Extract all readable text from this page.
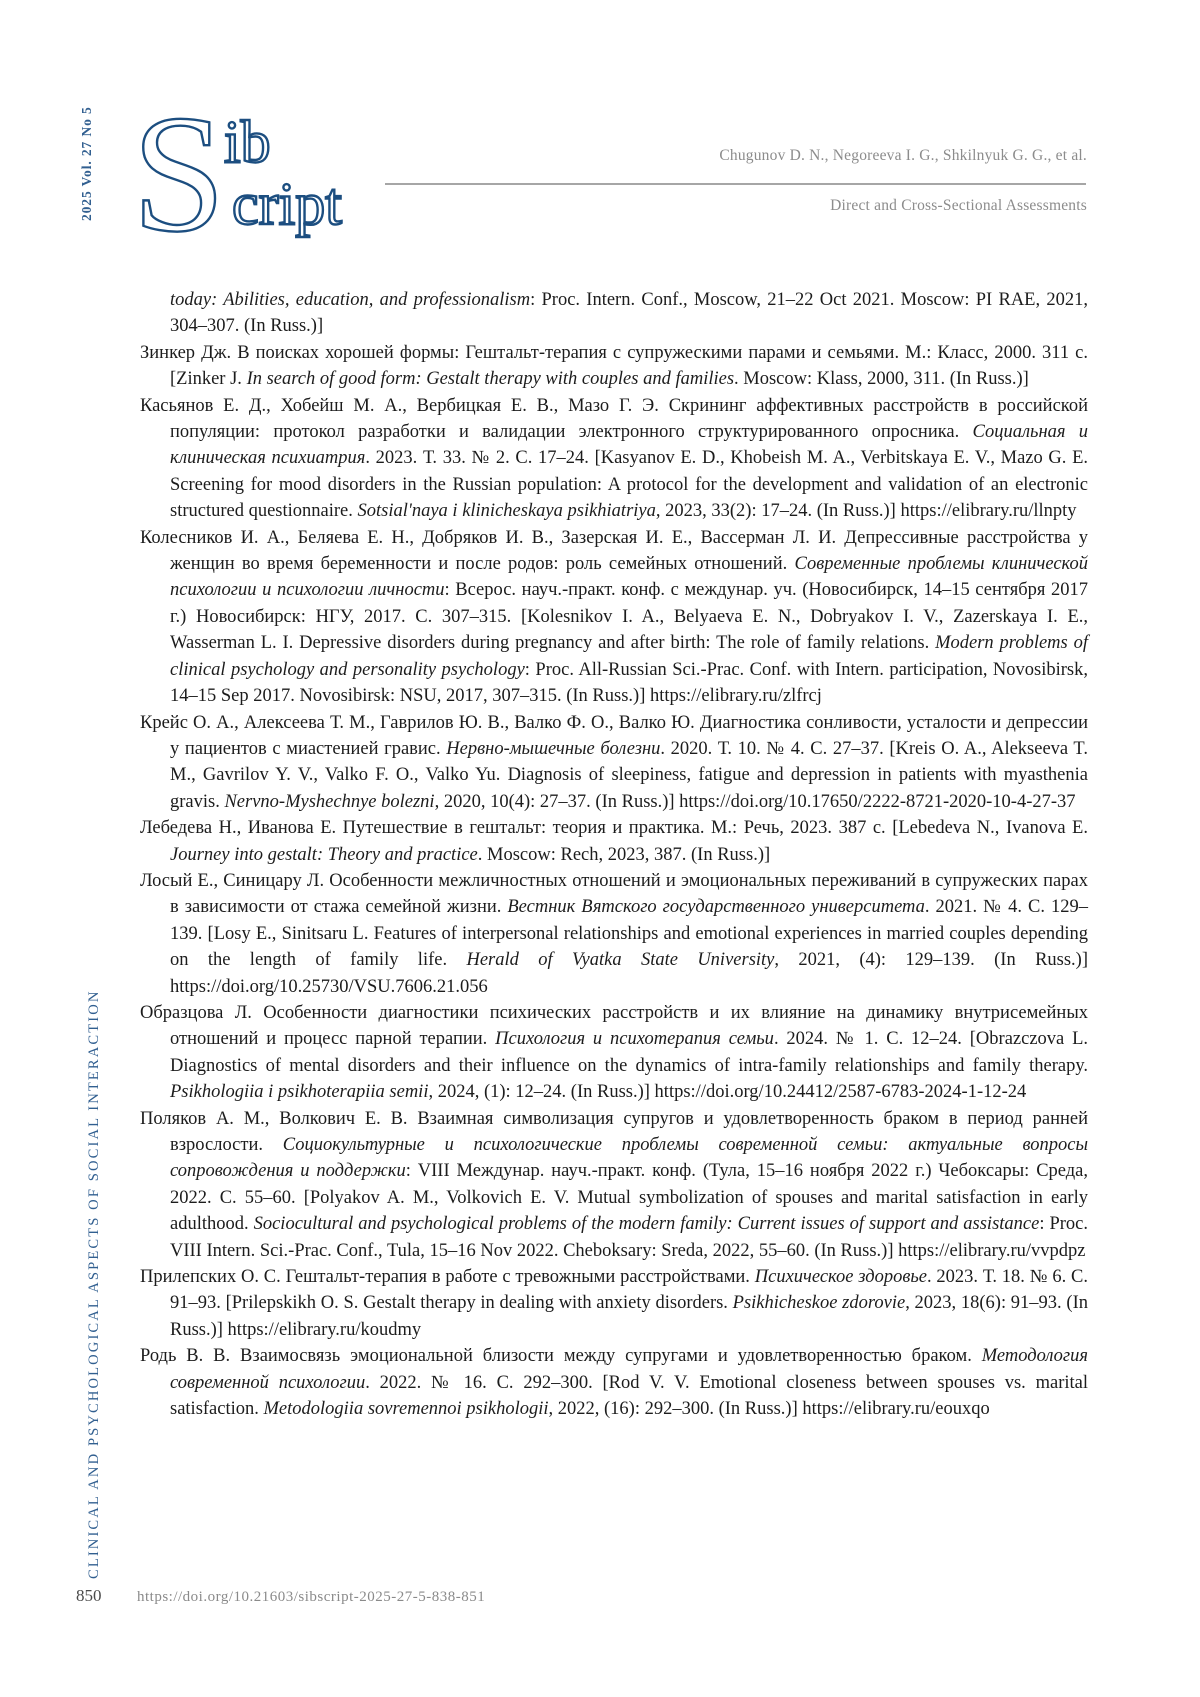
2025 Vol. 27 No 5 S
ib
cript
Chugunov D. N., Negoreeva I. G., Shkilnyuk G. G., et al.
Direct and Cross-Sectional Assessments

today: Abilities, education, and professionalism: Proc. Intern. Conf., Moscow, 21–22 Oct 2021. Moscow: PI RAE, 2021, 304–307. (In Russ.)]

Зинкер Дж. В поисках хорошей формы: Гештальт-терапия с супружескими парами и семьями. М.: Класс, 2000. 311 с. [Zinker J. In search of good form: Gestalt therapy with couples and families. Moscow: Klass, 2000, 311. (In Russ.)]

Касьянов Е. Д., Хобейш М. А., Вербицкая Е. В., Мазо Г. Э. Скрининг аффективных расстройств в российской популяции: протокол разработки и валидации электронного структурированного опросника. Социальная и клиническая психиатрия. 2023. Т. 33. № 2. С. 17–24. [Kasyanov E. D., Khobeish M. A., Verbitskaya E. V., Mazo G. E. Screening for mood disorders in the Russian population: A protocol for the development and validation of an electronic structured questionnaire. Sotsial'naya i klinicheskaya psikhiatriya, 2023, 33(2): 17–24. (In Russ.)] https://elibrary.ru/llnpty

Колесников И. А., Беляева Е. Н., Добряков И. В., Зазерская И. Е., Вассерман Л. И. Депрессивные расстройства у женщин во время беременности и после родов: роль семейных отношений. Современные проблемы клинической психологии и психологии личности: Всерос. науч.-практ. конф. с междунар. уч. (Новосибирск, 14–15 сентября 2017 г.) Новосибирск: НГУ, 2017. С. 307–315. [Kolesnikov I. A., Belyaeva E. N., Dobryakov I. V., Zazerskaya I. E., Wasserman L. I. Depressive disorders during pregnancy and after birth: The role of family relations. Modern problems of clinical psychology and personality psychology: Proc. All-Russian Sci.-Prac. Conf. with Intern. participation, Novosibirsk, 14–15 Sep 2017. Novosibirsk: NSU, 2017, 307–315. (In Russ.)] https://elibrary.ru/zlfrcj

Крейс О. А., Алексеева Т. М., Гаврилов Ю. В., Валко Ф. О., Валко Ю. Диагностика сонливости, усталости и депрессии у пациентов с миастенией гравис. Нервно-мышечные болезни. 2020. Т. 10. № 4. С. 27–37. [Kreis O. A., Alekseeva T. M., Gavrilov Y. V., Valko F. O., Valko Yu. Diagnosis of sleepiness, fatigue and depression in patients with myasthenia gravis. Nervno-Myshechnye bolezni, 2020, 10(4): 27–37. (In Russ.)] https://doi.org/10.17650/2222-8721-2020-10-4-27-37

Лебедева Н., Иванова Е. Путешествие в гештальт: теория и практика. М.: Речь, 2023. 387 с. [Lebedeva N., Ivanova E. Journey into gestalt: Theory and practice. Moscow: Rech, 2023, 387. (In Russ.)]

Лосый Е., Синицару Л. Особенности межличностных отношений и эмоциональных переживаний в супружеских парах в зависимости от стажа семейной жизни. Вестник Вятского государственного университета. 2021. № 4. С. 129–139. [Losy E., Sinitsaru L. Features of interpersonal relationships and emotional experiences in married couples depending on the length of family life. Herald of Vyatka State University, 2021, (4): 129–139. (In Russ.)] https://doi.org/10.25730/VSU.7606.21.056

Образцова Л. Особенности диагностики психических расстройств и их влияние на динамику внутрисемейных отношений и процесс парной терапии. Психология и психотерапия семьи. 2024. № 1. С. 12–24. [Obrazczova L. Diagnostics of mental disorders and their influence on the dynamics of intra-family relationships and family therapy. Psikhologiia i psikhoterapiia semii, 2024, (1): 12–24. (In Russ.)] https://doi.org/10.24412/2587-6783-2024-1-12-24

Поляков А. М., Волкович Е. В. Взаимная символизация супругов и удовлетворенность браком в период ранней взрослости. Социокультурные и психологические проблемы современной семьи: актуальные вопросы сопровождения и поддержки: VIII Междунар. науч.-практ. конф. (Тула, 15–16 ноября 2022 г.) Чебоксары: Среда, 2022. С. 55–60. [Polyakov A. M., Volkovich E. V. Mutual symbolization of spouses and marital satisfaction in early adulthood. Sociocultural and psychological problems of the modern family: Current issues of support and assistance: Proc. VIII Intern. Sci.-Prac. Conf., Tula, 15–16 Nov 2022. Cheboksary: Sreda, 2022, 55–60. (In Russ.)] https://elibrary.ru/vvpdpz

Прилепских О. С. Гештальт-терапия в работе с тревожными расстройствами. Психическое здоровье. 2023. Т. 18. № 6. С. 91–93. [Prilepskikh O. S. Gestalt therapy in dealing with anxiety disorders. Psikhicheskoe zdorovie, 2023, 18(6): 91–93. (In Russ.)] https://elibrary.ru/koudmy

Родь В. В. Взаимосвязь эмоциональной близости между супругами и удовлетворенностью браком. Методология современной психологии. 2022. № 16. С. 292–300. [Rod V. V. Emotional closeness between spouses vs. marital satisfaction. Metodologiia sovremennoi psikhologii, 2022, (16): 292–300. (In Russ.)] https://elibrary.ru/eouxqo

CLINICAL AND PSYCHOLOGICAL ASPECTS OF SOCIAL INTERACTION
850 https://doi.org/10.21603/sibscript-2025-27-5-838-851
